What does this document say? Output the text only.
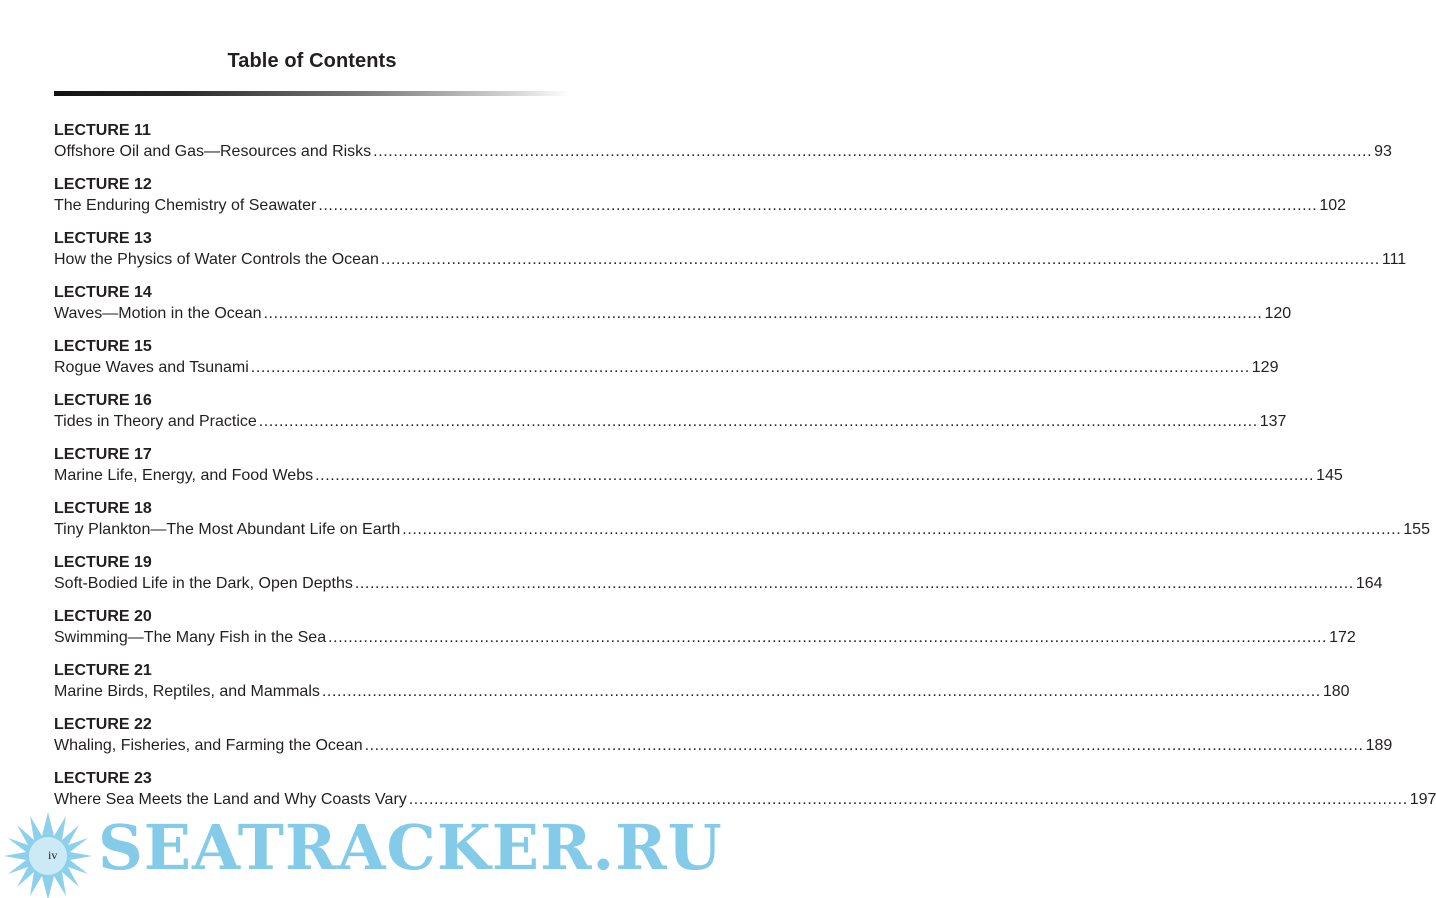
Table of Contents
LECTURE 11
Offshore Oil and Gas—Resources and Risks .....	93
LECTURE 12
The Enduring Chemistry of Seawater .....	102
LECTURE 13
How the Physics of Water Controls the Ocean .....	111
LECTURE 14
Waves—Motion in the Ocean .....	120
LECTURE 15
Rogue Waves and Tsunami .....	129
LECTURE 16
Tides in Theory and Practice .....	137
LECTURE 17
Marine Life, Energy, and Food Webs .....	145
LECTURE 18
Tiny Plankton—The Most Abundant Life on Earth .....	155
LECTURE 19
Soft-Bodied Life in the Dark, Open Depths .....	164
LECTURE 20
Swimming—The Many Fish in the Sea .....	172
LECTURE 21
Marine Birds, Reptiles, and Mammals .....	180
LECTURE 22
Whaling, Fisheries, and Farming the Ocean .....	189
LECTURE 23
Where Sea Meets the Land and Why Coasts Vary .....	197
SEATRACKER.RU
iv
